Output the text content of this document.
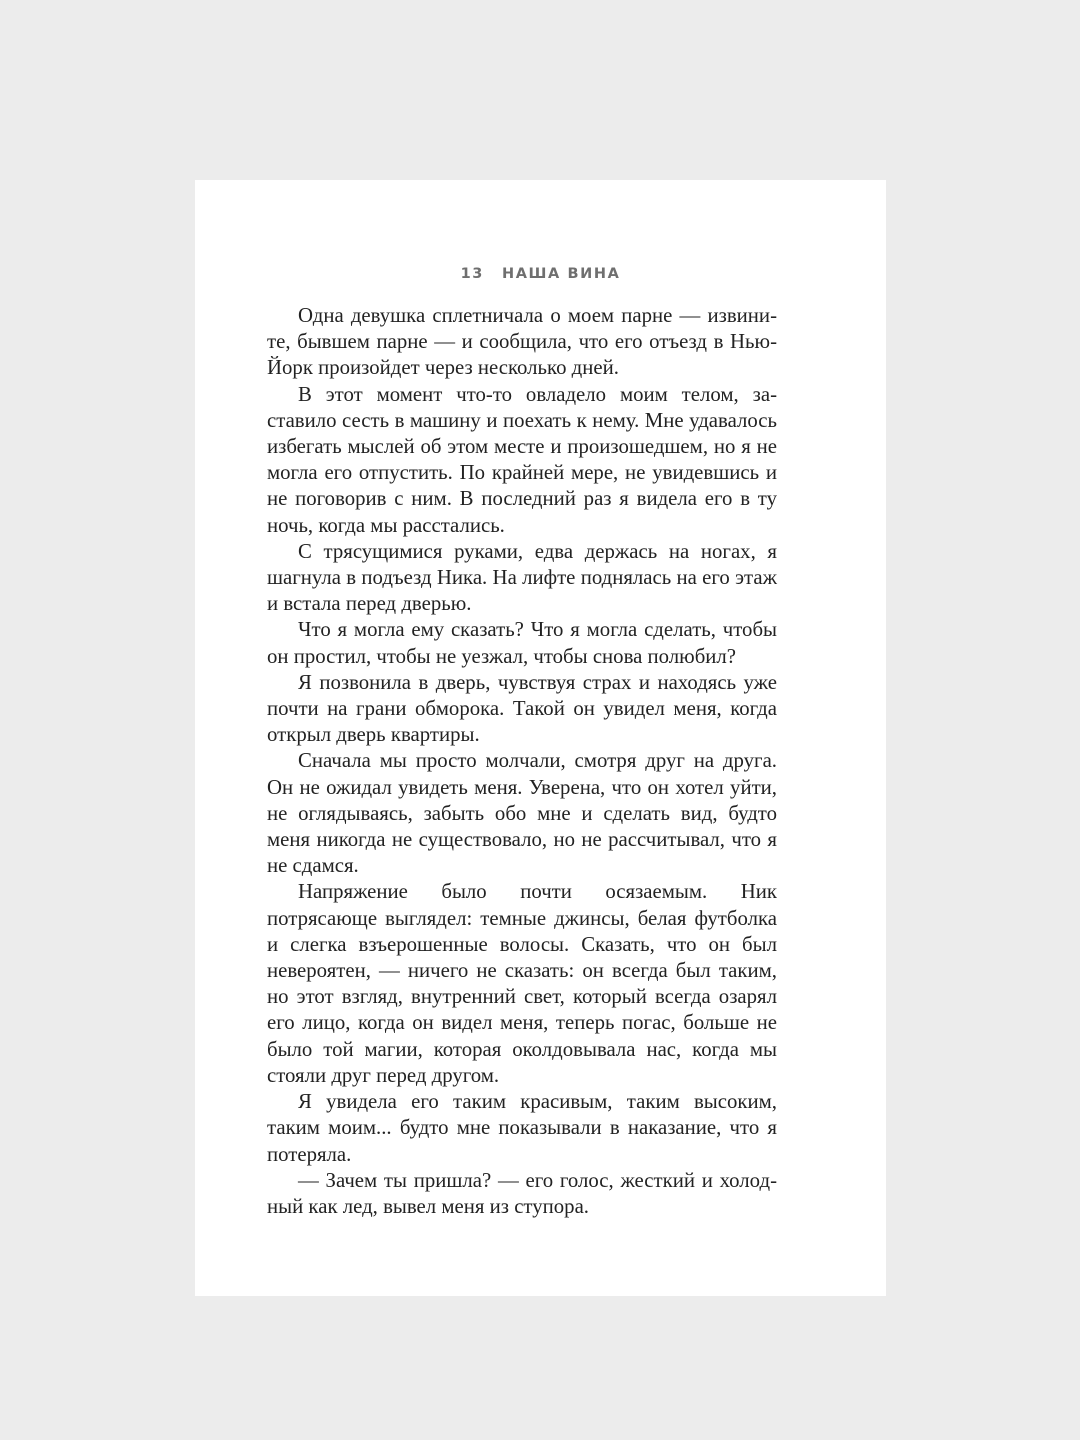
13 НАША ВИНА

Одна девушка сплетничала о моем парне — извините, бывшем парне — и сообщила, что его отъезд в Нью-Йорк произойдет через несколько дней.

В этот момент что-то овладело моим телом, заставило сесть в машину и поехать к нему. Мне удавалось избегать мыслей об этом месте и произошедшем, но я не могла его отпустить. По крайней мере, не увидевшись и не поговорив с ним. В последний раз я видела его в ту ночь, когда мы расстались.

С трясущимися руками, едва держась на ногах, я шагнула в подъезд Ника. На лифте поднялась на его этаж и встала перед дверью.

Что я могла ему сказать? Что я могла сделать, чтобы он простил, чтобы не уезжал, чтобы снова полюбил?

Я позвонила в дверь, чувствуя страх и находясь уже почти на грани обморока. Такой он увидел меня, когда открыл дверь квартиры.

Сначала мы просто молчали, смотря друг на друга. Он не ожидал увидеть меня. Уверена, что он хотел уйти, не оглядываясь, забыть обо мне и сделать вид, будто меня никогда не существовало, но не рассчитывал, что я не сдамся.

Напряжение было почти осязаемым. Ник потрясающе выглядел: темные джинсы, белая футболка и слегка взъерошенные волосы. Сказать, что он был невероятен, — ничего не сказать: он всегда был таким, но этот взгляд, внутренний свет, который всегда озарял его лицо, когда он видел меня, теперь погас, больше не было той магии, которая околдовывала нас, когда мы стояли друг перед другом.

Я увидела его таким красивым, таким высоким, таким моим... будто мне показывали в наказание, что я потеряла.

— Зачем ты пришла? — его голос, жесткий и холодный как лед, вывел меня из ступора.
